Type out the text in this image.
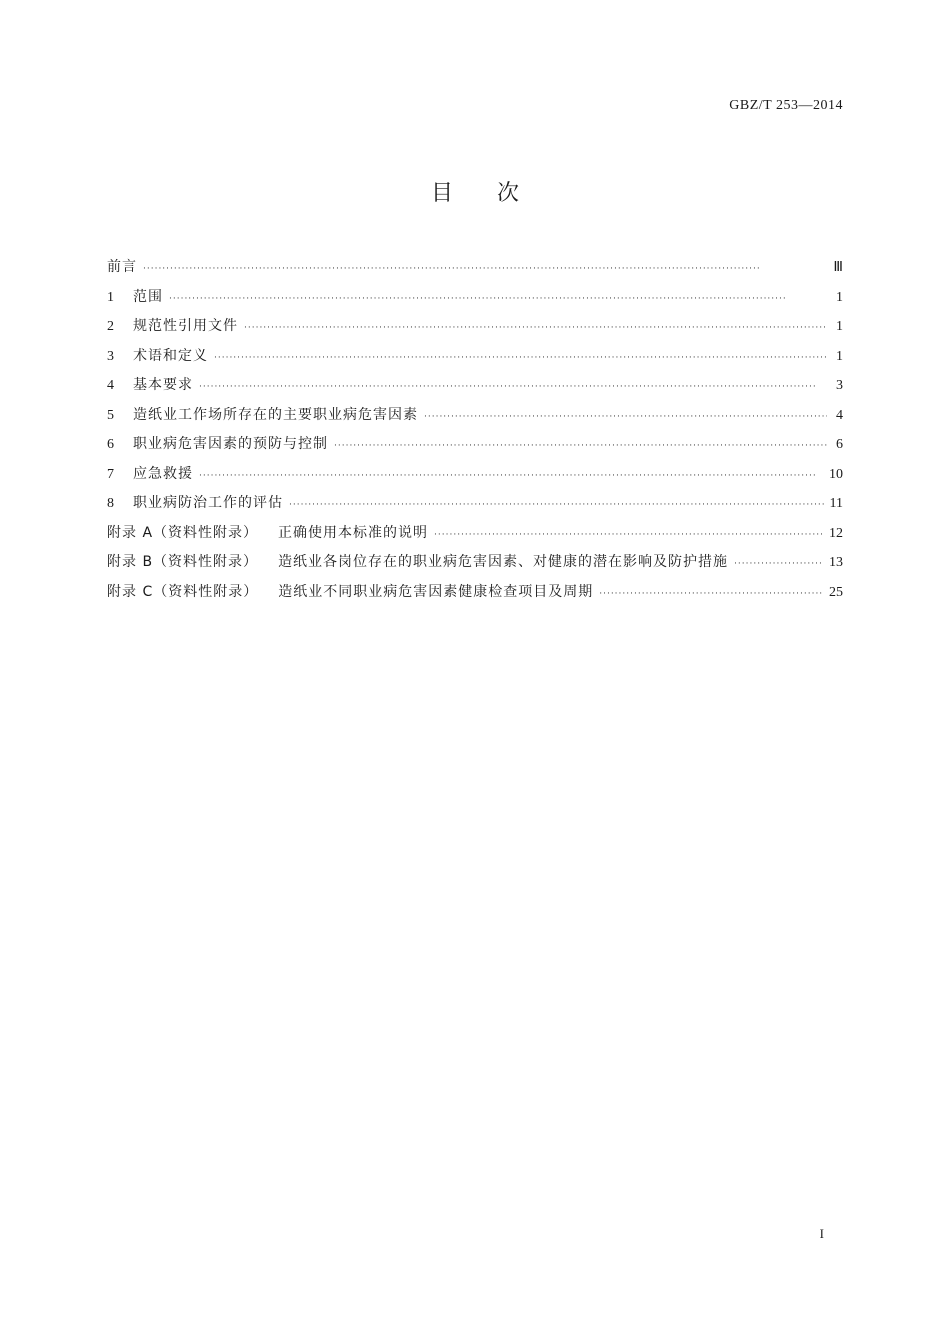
GBZ/T 253—2014
目次
前言 ·····	Ⅲ
1	范围 ·····	1
2	规范性引用文件 ·····	1
3	术语和定义 ·····	1
4	基本要求 ·····	3
5	造纸业工作场所存在的主要职业病危害因素 ·····	4
6	职业病危害因素的预防与控制 ·····	6
7	应急救援 ·····	10
8	职业病防治工作的评估 ·····	11
附录 A（资料性附录） 正确使用本标准的说明 ·····	12
附录 B（资料性附录） 造纸业各岗位存在的职业病危害因素、对健康的潜在影响及防护措施 ·····	13
附录 C（资料性附录） 造纸业不同职业病危害因素健康检查项目及周期 ·····	25
I
